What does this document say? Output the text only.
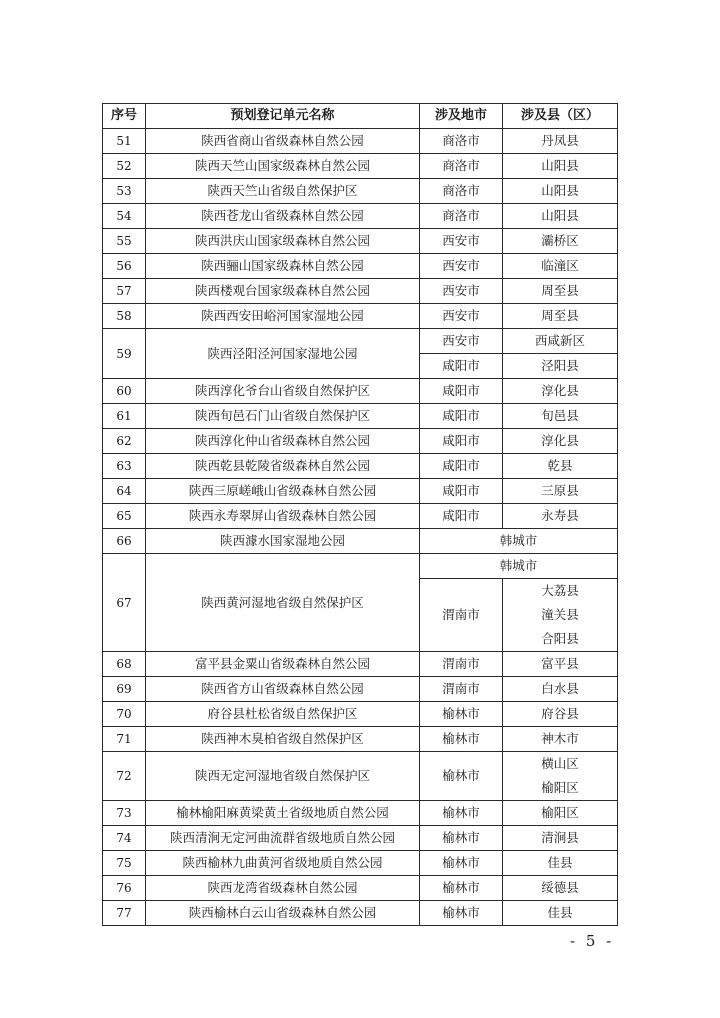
序号	预划登记单元名称	涉及地市	涉及县（区）
51	陕西省商山省级森林自然公园	商洛市	丹凤县
52	陕西天竺山国家级森林自然公园	商洛市	山阳县
53	陕西天竺山省级自然保护区	商洛市	山阳县
54	陕西苍龙山省级森林自然公园	商洛市	山阳县
55	陕西洪庆山国家级森林自然公园	西安市	灞桥区
56	陕西骊山国家级森林自然公园	西安市	临潼区
57	陕西楼观台国家级森林自然公园	西安市	周至县
58	陕西西安田峪河国家湿地公园	西安市	周至县
59	陕西泾阳泾河国家湿地公园	西安市	西咸新区
		咸阳市	泾阳县
60	陕西淳化爷台山省级自然保护区	咸阳市	淳化县
61	陕西旬邑石门山省级自然保护区	咸阳市	旬邑县
62	陕西淳化仲山省级森林自然公园	咸阳市	淳化县
63	陕西乾县乾陵省级森林自然公园	咸阳市	乾县
64	陕西三原嵯峨山省级森林自然公园	咸阳市	三原县
65	陕西永寿翠屏山省级森林自然公园	咸阳市	永寿县
66	陕西澽水国家湿地公园	韩城市	
67	陕西黄河湿地省级自然保护区	韩城市	
		渭南市	大荔县
潼关县
合阳县

68	富平县金粟山省级森林自然公园	渭南市	富平县
69	陕西省方山省级森林自然公园	渭南市	白水县
70	府谷县杜松省级自然保护区	榆林市	府谷县
71	陕西神木臭柏省级自然保护区	榆林市	神木市
72	陕西无定河湿地省级自然保护区	榆林市	横山区
榆阳区

73	榆林榆阳麻黄梁黄土省级地质自然公园	榆林市	榆阳区
74	陕西清涧无定河曲流群省级地质自然公园	榆林市	清涧县
75	陕西榆林九曲黄河省级地质自然公园	榆林市	佳县
76	陕西龙湾省级森林自然公园	榆林市	绥德县
77	陕西榆林白云山省级森林自然公园	榆林市	佳县
- 5 -
